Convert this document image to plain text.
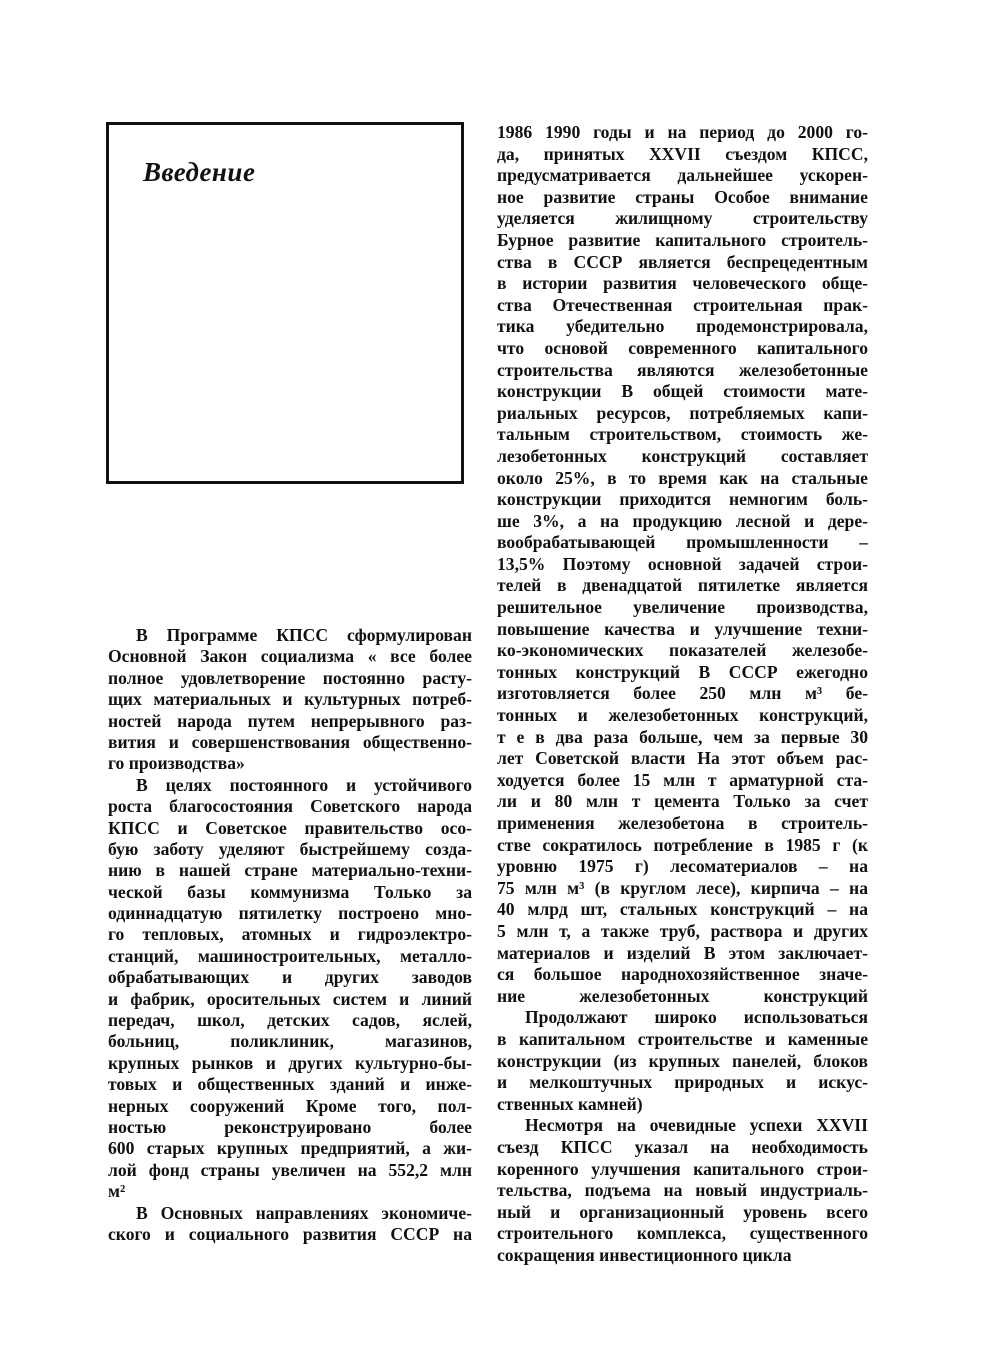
Введение
В Программе КПСС сформулирован
Основной Закон социализма « все более
полное удовлетворение постоянно расту-
щих материальных и культурных потреб-
ностей народа путем непрерывного раз-
вития и совершенствования общественно-
го производства»
В целях постоянного и устойчивого
роста благосостояния Советского народа
КПСС и Советское правительство осо-
бую заботу уделяют быстрейшему созда-
нию в нашей стране материально-техни-
ческой базы коммунизма Только за
одиннадцатую пятилетку построено мно-
го тепловых, атомных и гидроэлектро-
станций, машиностроительных, металло-
обрабатывающих и других заводов
и фабрик, оросительных систем и линий
передач, школ, детских садов, яслей,
больниц, поликлиник, магазинов,
крупных рынков и других культурно-бы-
товых и общественных зданий и инже-
нерных сооружений Кроме того, пол-
ностью реконструировано более
600 старых крупных предприятий, а жи-
лой фонд страны увеличен на 552,2 млн
м²
В Основных направлениях экономиче-
ского и социального развития СССР на
1986 1990 годы и на период до 2000 го-
да, принятых XXVII съездом КПСС,
предусматривается дальнейшее ускорен-
ное развитие страны Особое внимание
уделяется жилищному строительству
Бурное развитие капитального строитель-
ства в СССР является беспрецедентным
в истории развития человеческого обще-
ства Отечественная строительная прак-
тика убедительно продемонстрировала,
что основой современного капитального
строительства являются железобетонные
конструкции В общей стоимости мате-
риальных ресурсов, потребляемых капи-
тальным строительством, стоимость же-
лезобетонных конструкций составляет
около 25%, в то время как на стальные
конструкции приходится немногим боль-
ше 3%, а на продукцию лесной и дере-
вообрабатывающей промышленности –
13,5% Поэтому основной задачей строи-
телей в двенадцатой пятилетке является
решительное увеличение производства,
повышение качества и улучшение техни-
ко-экономических показателей железобе-
тонных конструкций В СССР ежегодно
изготовляется более 250 млн м³ бе-
тонных и железобетонных конструкций,
т е в два раза больше, чем за первые 30
лет Советской власти На этот объем рас-
ходуется более 15 млн т арматурной ста-
ли и 80 млн т цемента Только за счет
применения железобетона в строитель-
стве сократилось потребление в 1985 г (к
уровню 1975 г) лесоматериалов – на
75 млн м³ (в круглом лесе), кирпича – на
40 млрд шт, стальных конструкций – на
5 млн т, а также труб, раствора и других
материалов и изделий В этом заключает-
ся большое народнохозяйственное значе-
ние железобетонных конструкций
Продолжают широко использоваться
в капитальном строительстве и каменные
конструкции (из крупных панелей, блоков
и мелкоштучных природных и искус-
ственных камней)
Несмотря на очевидные успехи XXVII
съезд КПСС указал на необходимость
коренного улучшения капитального строи-
тельства, подъема на новый индустриаль-
ный и организационный уровень всего
строительного комплекса, существенного
сокращения инвестиционного цикла
